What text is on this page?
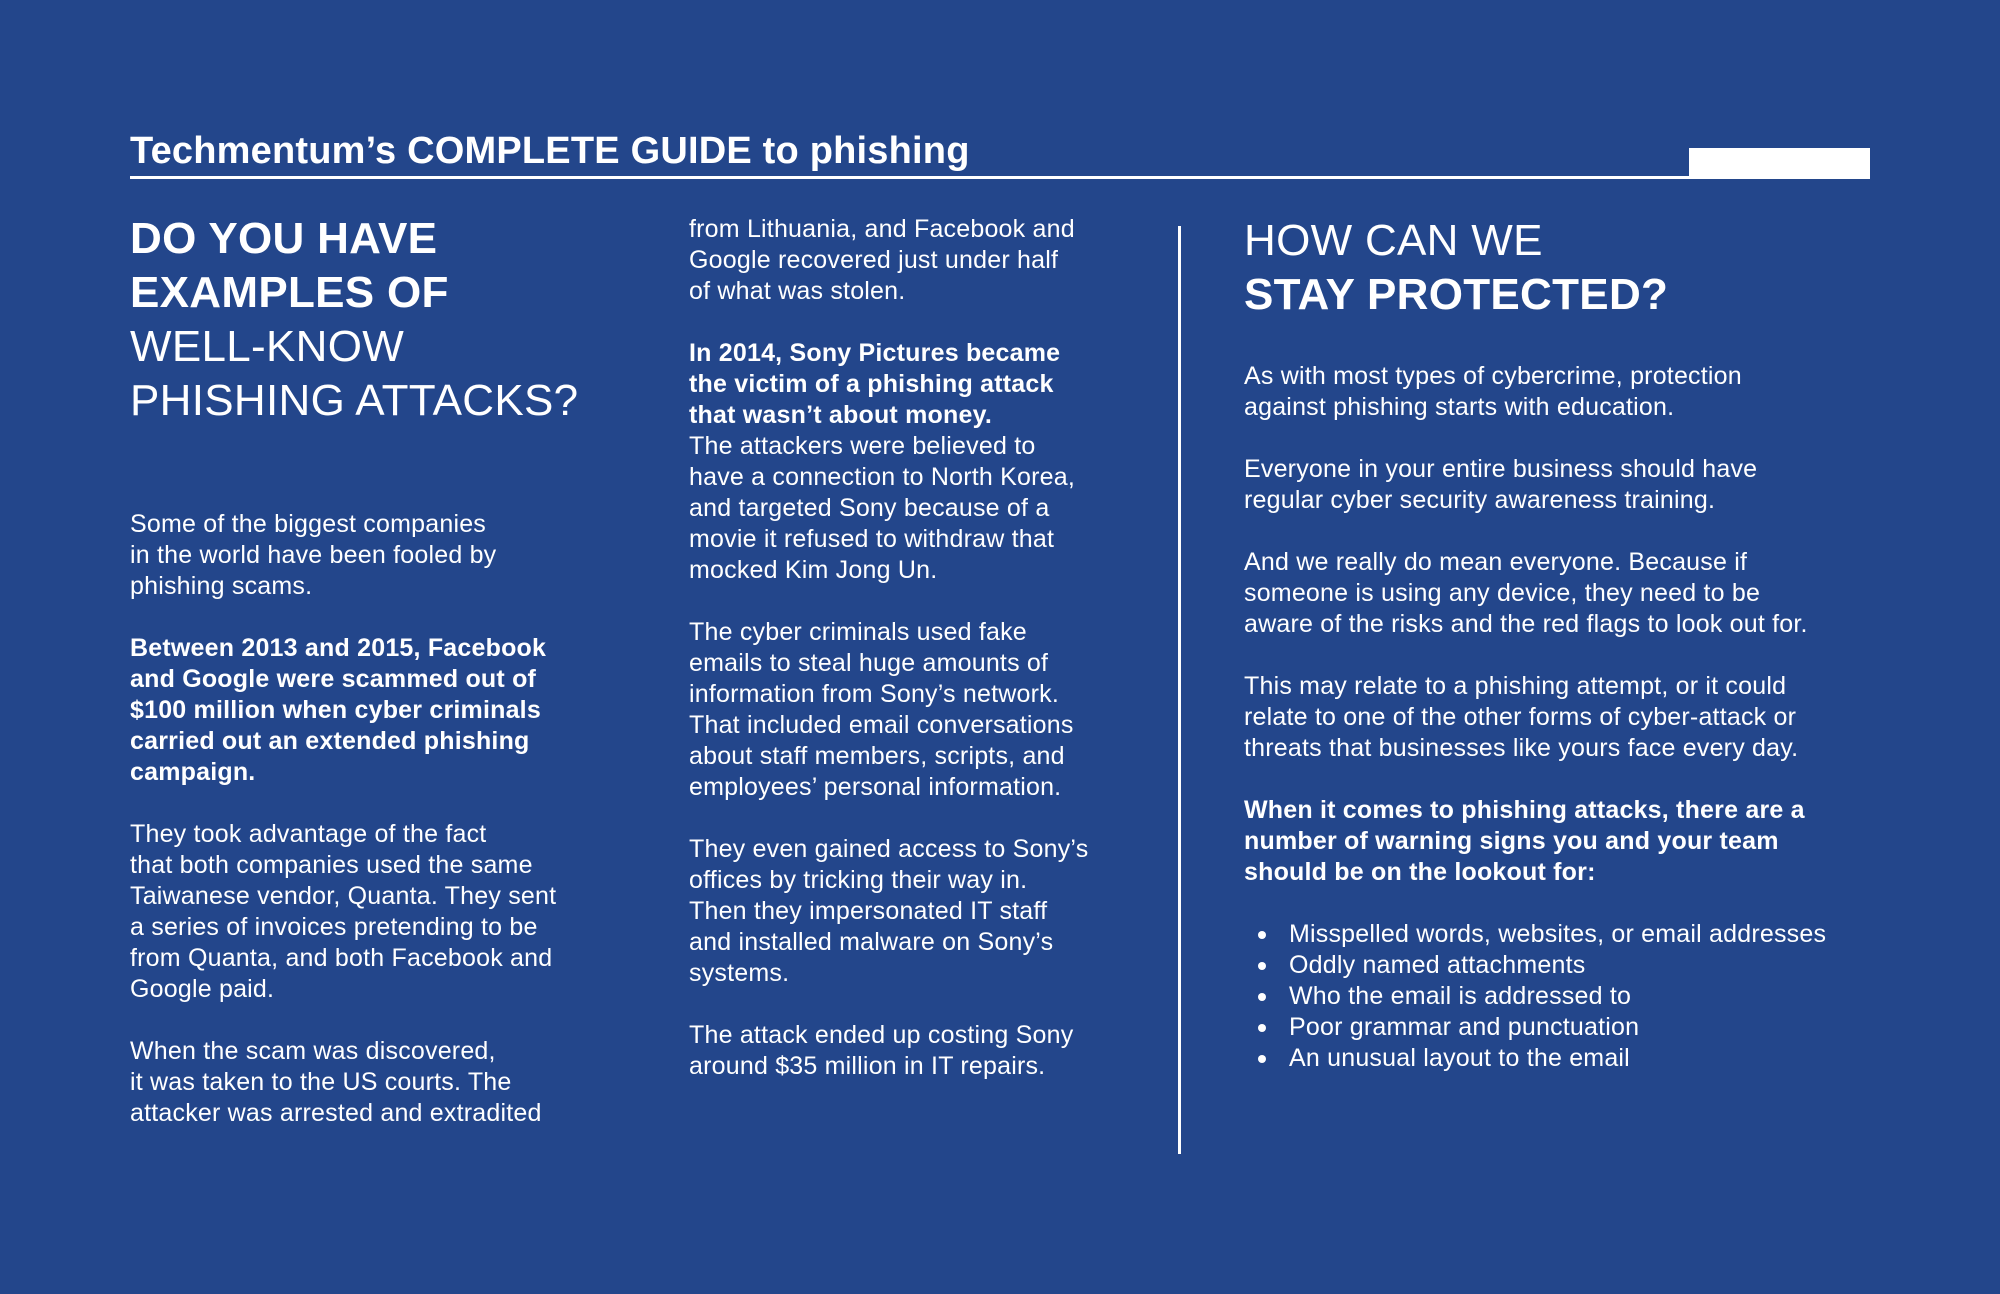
Techmentum’s COMPLETE GUIDE to phishing
DO YOU HAVE
EXAMPLES OF
WELL-KNOW
PHISHING ATTACKS?

Some of the biggest companies
in the world have been fooled by
phishing scams.

Between 2013 and 2015, Facebook
and Google were scammed out of
$100 million when cyber criminals
carried out an extended phishing
campaign.

They took advantage of the fact
that both companies used the same
Taiwanese vendor, Quanta. They sent
a series of invoices pretending to be
from Quanta, and both Facebook and
Google paid.

When the scam was discovered,
it was taken to the US courts. The
attacker was arrested and extradited

from Lithuania, and Facebook and
Google recovered just under half
of what was stolen.

In 2014, Sony Pictures became
the victim of a phishing attack
that wasn’t about money.
The attackers were believed to
have a connection to North Korea,
and targeted Sony because of a
movie it refused to withdraw that
mocked Kim Jong Un.

The cyber criminals used fake
emails to steal huge amounts of
information from Sony’s network.
That included email conversations
about staff members, scripts, and
employees’ personal information.

They even gained access to Sony’s
offices by tricking their way in.
Then they impersonated IT staff
and installed malware on Sony’s
systems.

The attack ended up costing Sony
around $35 million in IT repairs.

HOW CAN WE
STAY PROTECTED?

As with most types of cybercrime, protection
against phishing starts with education.

Everyone in your entire business should have
regular cyber security awareness training.

And we really do mean everyone. Because if
someone is using any device, they need to be
aware of the risks and the red flags to look out for.

This may relate to a phishing attempt, or it could
relate to one of the other forms of cyber-attack or
threats that businesses like yours face every day.

When it comes to phishing attacks, there are a
number of warning signs you and your team
should be on the lookout for:

Misspelled words, websites, or email addresses
Oddly named attachments
Who the email is addressed to
Poor grammar and punctuation
An unusual layout to the email
